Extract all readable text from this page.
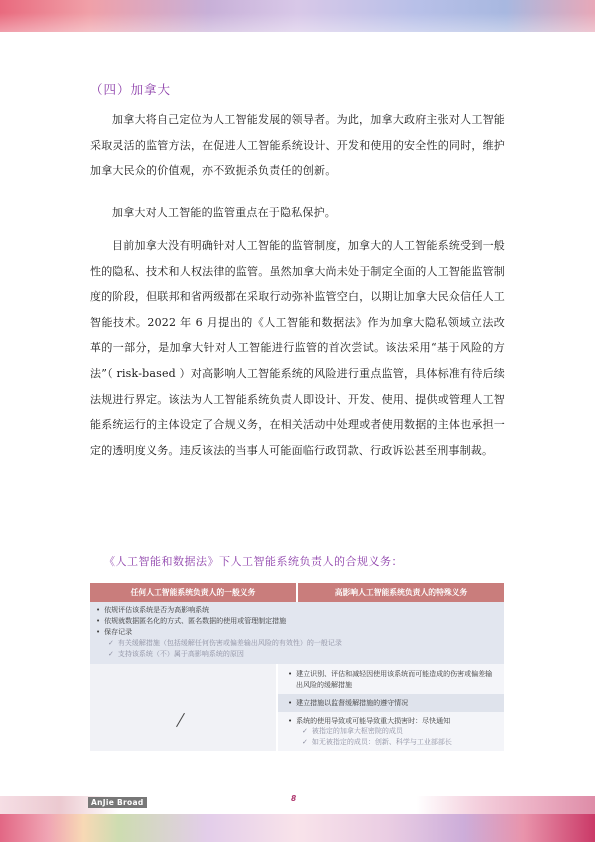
（四）加拿大
加拿大将自己定位为人工智能发展的领导者。为此，加拿大政府主张对人工智能采取灵活的监管方法，在促进人工智能系统设计、开发和使用的安全性的同时，维护加拿大民众的价值观，亦不致扼杀负责任的创新。
加拿大对人工智能的监管重点在于隐私保护。
目前加拿大没有明确针对人工智能的监管制度，加拿大的人工智能系统受到一般性的隐私、技术和人权法律的监管。虽然加拿大尚未处于制定全面的人工智能监管制度的阶段，但联邦和省两级都在采取行动弥补监管空白，以期让加拿大民众信任人工智能技术。2022 年 6 月提出的《人工智能和数据法》作为加拿大隐私领域立法改革的一部分，是加拿大针对人工智能进行监管的首次尝试。该法采用“基于风险的方法”（ risk-based ）对高影响人工智能系统的风险进行重点监管，具体标准有待后续法规进行界定。该法为人工智能系统负责人即设计、开发、使用、提供或管理人工智能系统运行的主体设定了合规义务，在相关活动中处理或者使用数据的主体也承担一定的透明度义务。违反该法的当事人可能面临行政罚款、行政诉讼甚至刑事制裁。
《人工智能和数据法》下人工智能系统负责人的合规义务：
任何人工智能系统负责人的一般义务	高影响人工智能系统负责人的特殊义务
• 依规评估该系统是否为高影响系统
• 依规就数据匿名化的方式、匿名数据的使用或管理制定措施
• 保存记录
✓ 有关缓解措施（包括缓解任何伤害或偏差输出风险的有效性）的一般记录
✓ 支持该系统（不）属于高影响系统的原因
• 建立识别、评估和减轻因使用该系统而可能造成的伤害或偏差输出风险的缓解措施
• 建立措施以监督缓解措施的遵守情况
• 系统的使用导致或可能导致重大损害时：尽快通知
✓ 被指定的加拿大枢密院的成员
✓ 如无被指定的成员：创新、科学与工业部部长
AnJie Broad	8
